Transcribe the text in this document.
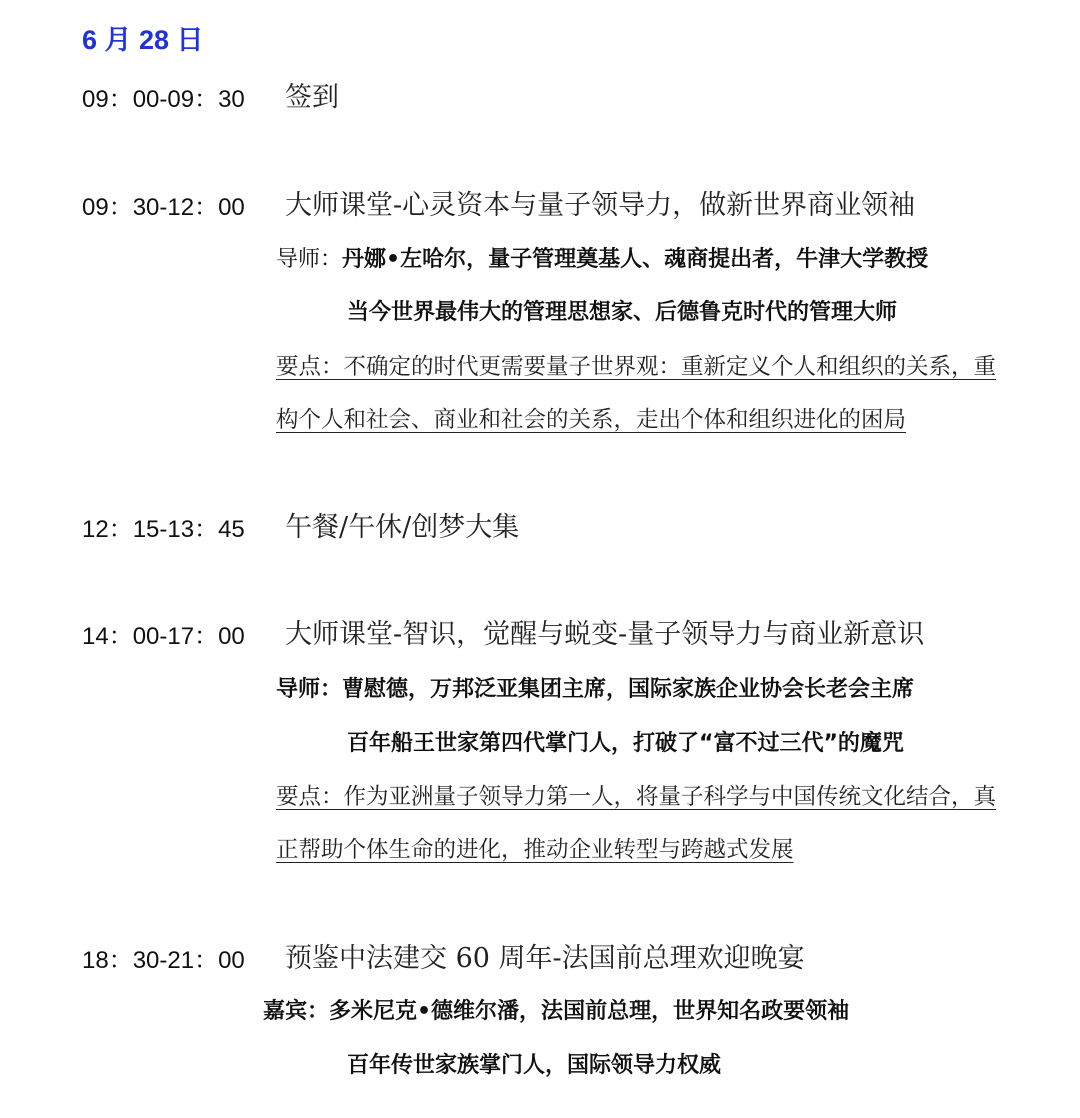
6 月 28 日
09：00-09：30 签到
09：30-12：00 大师课堂-心灵资本与量子领导力，做新世界商业领袖
导师：丹娜•左哈尔，量子管理奠基人、魂商提出者，牛津大学教授
当今世界最伟大的管理思想家、后德鲁克时代的管理大师
要点：不确定的时代更需要量子世界观：重新定义个人和组织的关系，重
构个人和社会、商业和社会的关系，走出个体和组织进化的困局
12：15-13：45 午餐/午休/创梦大集
14：00-17：00 大师课堂-智识，觉醒与蜕变-量子领导力与商业新意识
导师：曹慰德，万邦泛亚集团主席，国际家族企业协会长老会主席
百年船王世家第四代掌门人，打破了“富不过三代”的魔咒
要点：作为亚洲量子领导力第一人，将量子科学与中国传统文化结合，真
正帮助个体生命的进化，推动企业转型与跨越式发展
18：30-21：00 预鉴中法建交 60 周年-法国前总理欢迎晚宴
嘉宾：多米尼克•德维尔潘，法国前总理，世界知名政要领袖
百年传世家族掌门人，国际领导力权威
